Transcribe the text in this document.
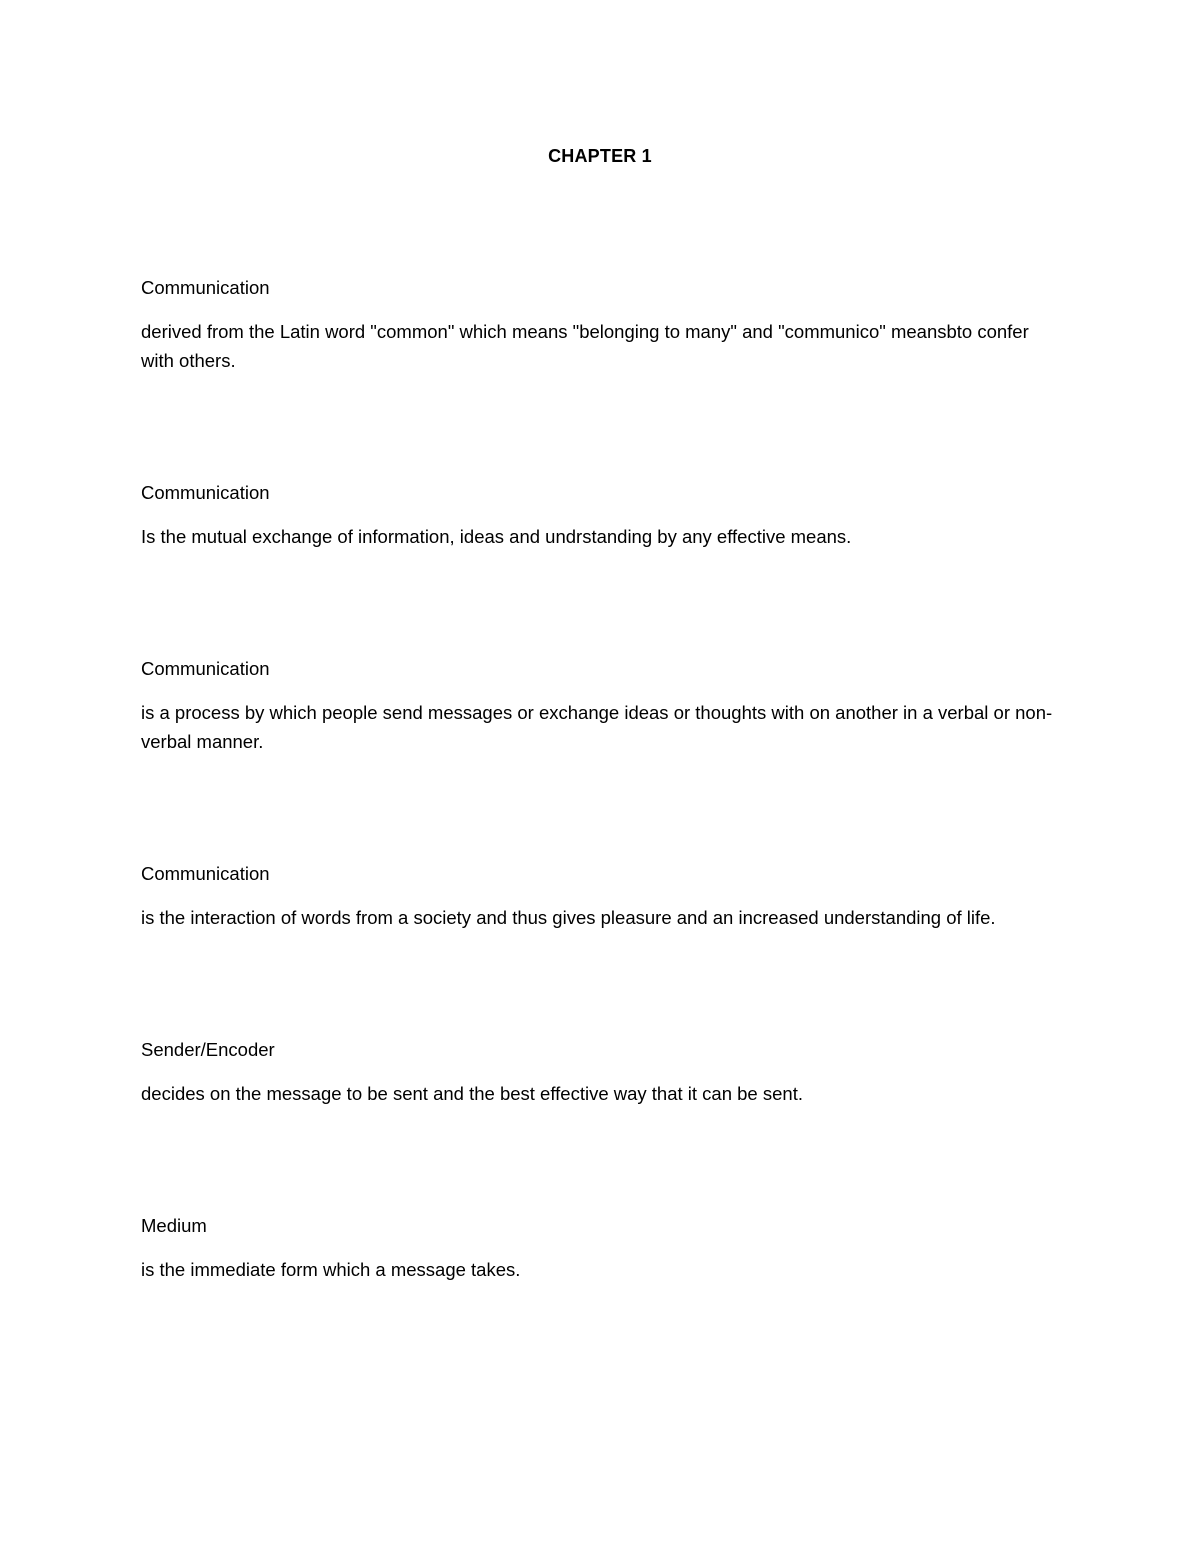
CHAPTER 1

Communication

derived from the Latin word "common" which means "belonging to many" and "communico" meansbto confer with others.

Communication

Is the mutual exchange of information, ideas and undrstanding by any effective means.

Communication

is a process by which people send messages or exchange ideas or thoughts with on another in a verbal or non-verbal manner.

Communication

is the interaction of words from a society and thus gives pleasure and an increased understanding of life.

Sender/Encoder

decides on the message to be sent and the best effective way that it can be sent.

Medium

is the immediate form which a message takes.
